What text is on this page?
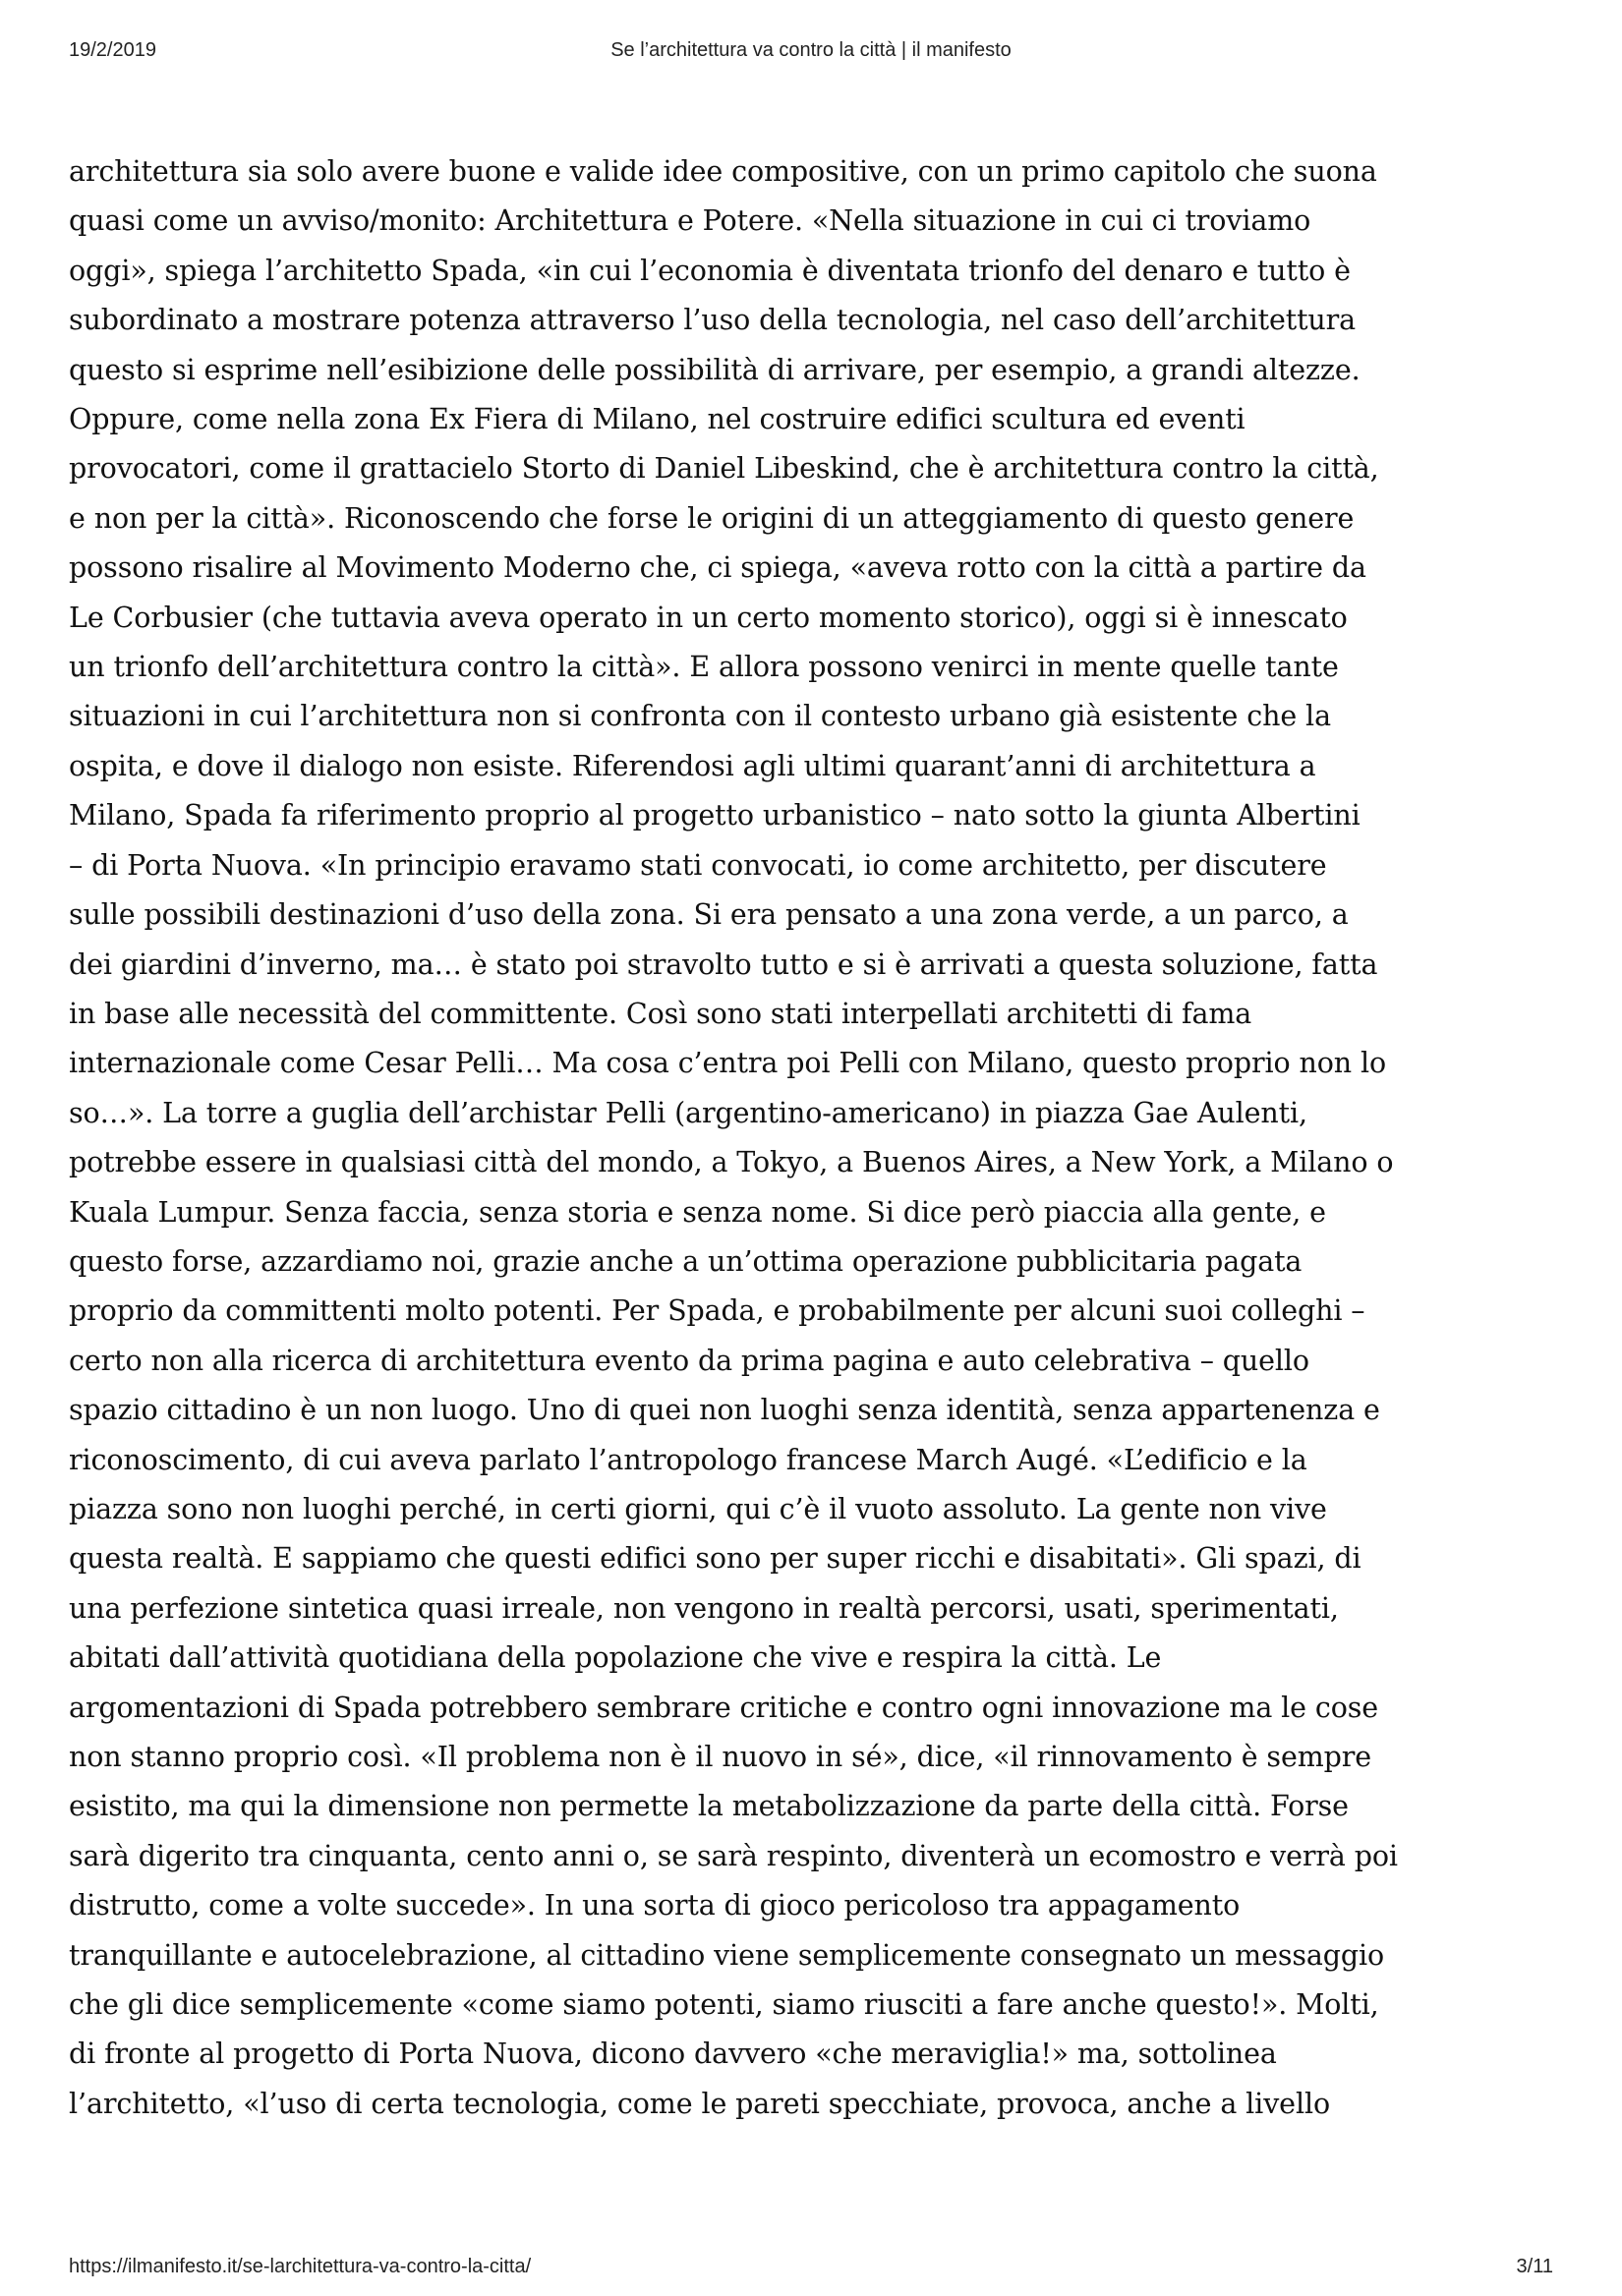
19/2/2019	Se l’architettura va contro la città | il manifesto
architettura sia solo avere buone e valide idee compositive, con un primo capitolo che suona
quasi come un avviso/monito: Architettura e Potere. «Nella situazione in cui ci troviamo
oggi», spiega l’architetto Spada, «in cui l’economia è diventata trionfo del denaro e tutto è
subordinato a mostrare potenza attraverso l’uso della tecnologia, nel caso dell’architettura
questo si esprime nell’esibizione delle possibilità di arrivare, per esempio, a grandi altezze.
Oppure, come nella zona Ex Fiera di Milano, nel costruire edifici scultura ed eventi
provocatori, come il grattacielo Storto di Daniel Libeskind, che è architettura contro la città,
e non per la città». Riconoscendo che forse le origini di un atteggiamento di questo genere
possono risalire al Movimento Moderno che, ci spiega, «aveva rotto con la città a partire da
Le Corbusier (che tuttavia aveva operato in un certo momento storico), oggi si è innescato
un trionfo dell’architettura contro la città». E allora possono venirci in mente quelle tante
situazioni in cui l’architettura non si confronta con il contesto urbano già esistente che la
ospita, e dove il dialogo non esiste. Riferendosi agli ultimi quarant’anni di architettura a
Milano, Spada fa riferimento proprio al progetto urbanistico – nato sotto la giunta Albertini
– di Porta Nuova. «In principio eravamo stati convocati, io come architetto, per discutere
sulle possibili destinazioni d’uso della zona. Si era pensato a una zona verde, a un parco, a
dei giardini d’inverno, ma… è stato poi stravolto tutto e si è arrivati a questa soluzione, fatta
in base alle necessità del committente. Così sono stati interpellati architetti di fama
internazionale come Cesar Pelli… Ma cosa c’entra poi Pelli con Milano, questo proprio non lo
so…». La torre a guglia dell’archistar Pelli (argentino-americano) in piazza Gae Aulenti,
potrebbe essere in qualsiasi città del mondo, a Tokyo, a Buenos Aires, a New York, a Milano o
Kuala Lumpur. Senza faccia, senza storia e senza nome. Si dice però piaccia alla gente, e
questo forse, azzardiamo noi, grazie anche a un’ottima operazione pubblicitaria pagata
proprio da committenti molto potenti. Per Spada, e probabilmente per alcuni suoi colleghi –
certo non alla ricerca di architettura evento da prima pagina e auto celebrativa – quello
spazio cittadino è un non luogo. Uno di quei non luoghi senza identità, senza appartenenza e
riconoscimento, di cui aveva parlato l’antropologo francese March Augé. «L’edificio e la
piazza sono non luoghi perché, in certi giorni, qui c’è il vuoto assoluto. La gente non vive
questa realtà. E sappiamo che questi edifici sono per super ricchi e disabitati». Gli spazi, di
una perfezione sintetica quasi irreale, non vengono in realtà percorsi, usati, sperimentati,
abitati dall’attività quotidiana della popolazione che vive e respira la città. Le
argomentazioni di Spada potrebbero sembrare critiche e contro ogni innovazione ma le cose
non stanno proprio così. «Il problema non è il nuovo in sé», dice, «il rinnovamento è sempre
esistito, ma qui la dimensione non permette la metabolizzazione da parte della città. Forse
sarà digerito tra cinquanta, cento anni o, se sarà respinto, diventerà un ecomostro e verrà poi
distrutto, come a volte succede». In una sorta di gioco pericoloso tra appagamento
tranquillante e autocelebrazione, al cittadino viene semplicemente consegnato un messaggio
che gli dice semplicemente «come siamo potenti, siamo riusciti a fare anche questo!». Molti,
di fronte al progetto di Porta Nuova, dicono davvero «che meraviglia!» ma, sottolinea
l’architetto, «l’uso di certa tecnologia, come le pareti specchiate, provoca, anche a livello
https://ilmanifesto.it/se-larchitettura-va-contro-la-citta/	3/11
